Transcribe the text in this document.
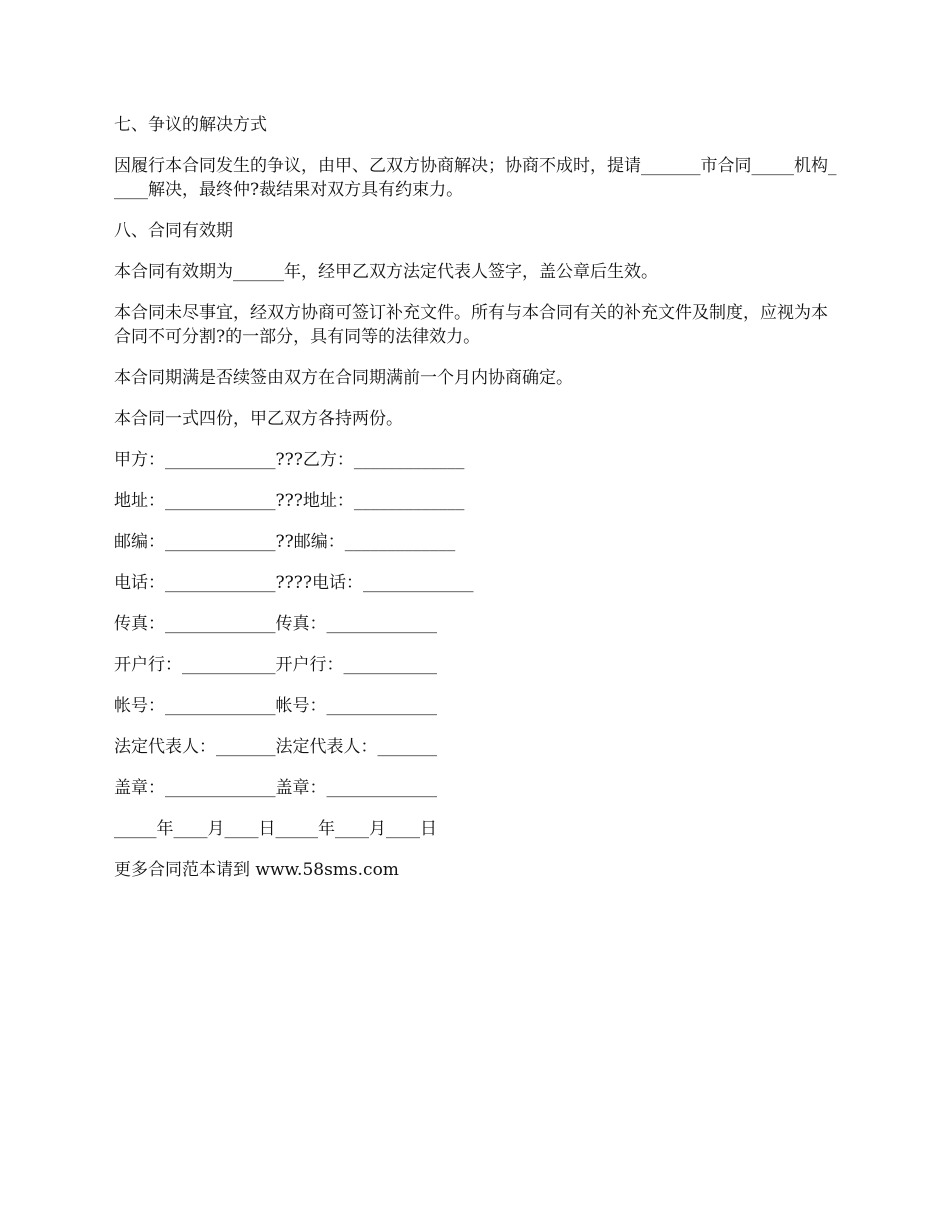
七、争议的解决方式

因履行本合同发生的争议，由甲、乙双方协商解决；协商不成时，提请_______市合同_____机构_____解决，最终仲?裁结果对双方具有约束力。

八、合同有效期

本合同有效期为______年，经甲乙双方法定代表人签字，盖公章后生效。

本合同未尽事宜，经双方协商可签订补充文件。所有与本合同有关的补充文件及制度，应视为本合同不可分割?的一部分，具有同等的法律效力。

本合同期满是否续签由双方在合同期满前一个月内协商确定。

本合同一式四份，甲乙双方各持两份。

甲方：_____________???乙方：_____________

地址：_____________???地址：_____________

邮编：_____________??邮编：_____________

电话：_____________????电话：_____________

传真：_____________传真：_____________

开户行：___________开户行：___________

帐号：_____________帐号：_____________

法定代表人：_______法定代表人：_______

盖章：_____________盖章：_____________

_____年____月____日_____年____月____日

更多合同范本请到 www.58sms.com
